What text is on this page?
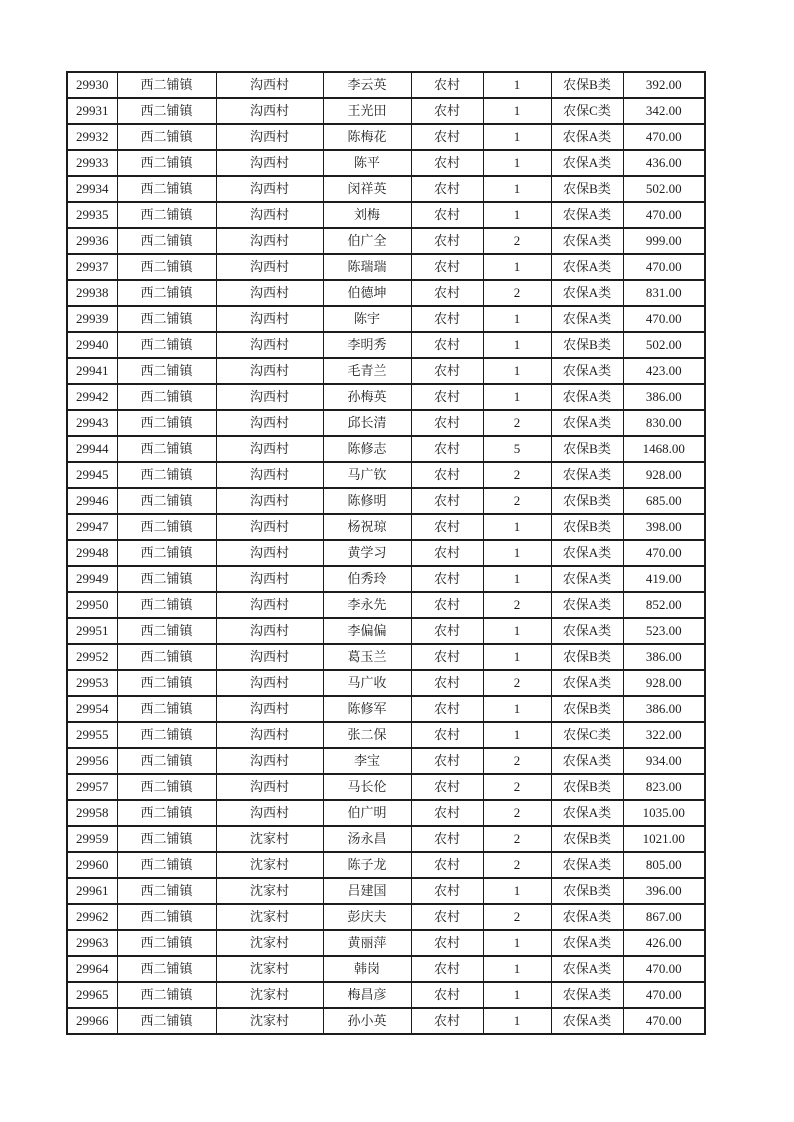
29930	西二铺镇	沟西村	李云英	农村	1	农保B类	392.00
29931	西二铺镇	沟西村	王光田	农村	1	农保C类	342.00
29932	西二铺镇	沟西村	陈梅花	农村	1	农保A类	470.00
29933	西二铺镇	沟西村	陈平	农村	1	农保A类	436.00
29934	西二铺镇	沟西村	闵祥英	农村	1	农保B类	502.00
29935	西二铺镇	沟西村	刘梅	农村	1	农保A类	470.00
29936	西二铺镇	沟西村	伯广全	农村	2	农保A类	999.00
29937	西二铺镇	沟西村	陈瑞瑞	农村	1	农保A类	470.00
29938	西二铺镇	沟西村	伯德坤	农村	2	农保A类	831.00
29939	西二铺镇	沟西村	陈宇	农村	1	农保A类	470.00
29940	西二铺镇	沟西村	李明秀	农村	1	农保B类	502.00
29941	西二铺镇	沟西村	毛青兰	农村	1	农保A类	423.00
29942	西二铺镇	沟西村	孙梅英	农村	1	农保A类	386.00
29943	西二铺镇	沟西村	邱长清	农村	2	农保A类	830.00
29944	西二铺镇	沟西村	陈修志	农村	5	农保B类	1468.00
29945	西二铺镇	沟西村	马广钦	农村	2	农保A类	928.00
29946	西二铺镇	沟西村	陈修明	农村	2	农保B类	685.00
29947	西二铺镇	沟西村	杨祝琼	农村	1	农保B类	398.00
29948	西二铺镇	沟西村	黄学习	农村	1	农保A类	470.00
29949	西二铺镇	沟西村	伯秀玲	农村	1	农保A类	419.00
29950	西二铺镇	沟西村	李永先	农村	2	农保A类	852.00
29951	西二铺镇	沟西村	李偏偏	农村	1	农保A类	523.00
29952	西二铺镇	沟西村	葛玉兰	农村	1	农保B类	386.00
29953	西二铺镇	沟西村	马广收	农村	2	农保A类	928.00
29954	西二铺镇	沟西村	陈修军	农村	1	农保B类	386.00
29955	西二铺镇	沟西村	张二保	农村	1	农保C类	322.00
29956	西二铺镇	沟西村	李宝	农村	2	农保A类	934.00
29957	西二铺镇	沟西村	马长伦	农村	2	农保B类	823.00
29958	西二铺镇	沟西村	伯广明	农村	2	农保A类	1035.00
29959	西二铺镇	沈家村	汤永昌	农村	2	农保B类	1021.00
29960	西二铺镇	沈家村	陈子龙	农村	2	农保A类	805.00
29961	西二铺镇	沈家村	吕建国	农村	1	农保B类	396.00
29962	西二铺镇	沈家村	彭庆夫	农村	2	农保A类	867.00
29963	西二铺镇	沈家村	黄丽萍	农村	1	农保A类	426.00
29964	西二铺镇	沈家村	韩岗	农村	1	农保A类	470.00
29965	西二铺镇	沈家村	梅昌彦	农村	1	农保A类	470.00
29966	西二铺镇	沈家村	孙小英	农村	1	农保A类	470.00
